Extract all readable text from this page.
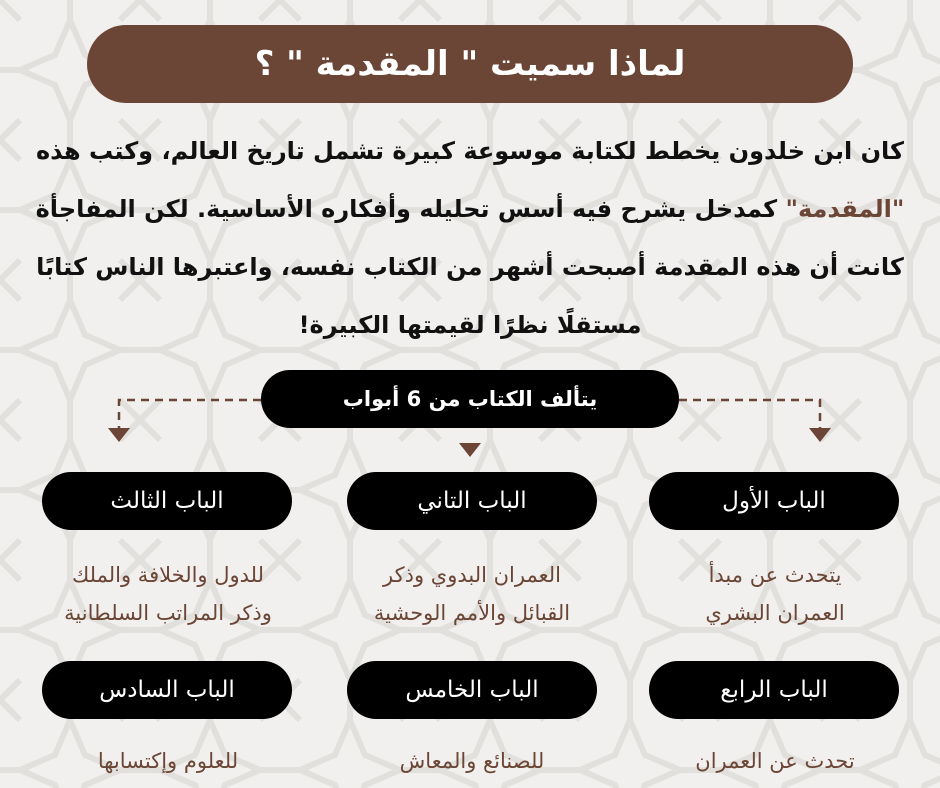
لماذا سميت " المقدمة " ؟
كان ابن خلدون يخطط لكتابة موسوعة كبيرة تشمل تاريخ العالم، وكتب هذه "المقدمة" كمدخل يشرح فيه أسس تحليله وأفكاره الأساسية. لكن المفاجأة كانت أن هذه المقدمة أصبحت أشهر من الكتاب نفسه، واعتبرها الناس كتابًا مستقلًا نظرًا لقيمتها الكبيرة!
يتألف الكتاب من 6 أبواب
الباب الأول
الباب التاني
الباب الثالث
يتحدث عن مبدأ
العمران البشري
العمران البدوي وذكر
القبائل والأمم الوحشية
للدول والخلافة والملك
وذكر المراتب السلطانية
الباب الرابع
الباب الخامس
الباب السادس
تحدث عن العمران
للصنائع والمعاش
للعلوم وإكتسابها
